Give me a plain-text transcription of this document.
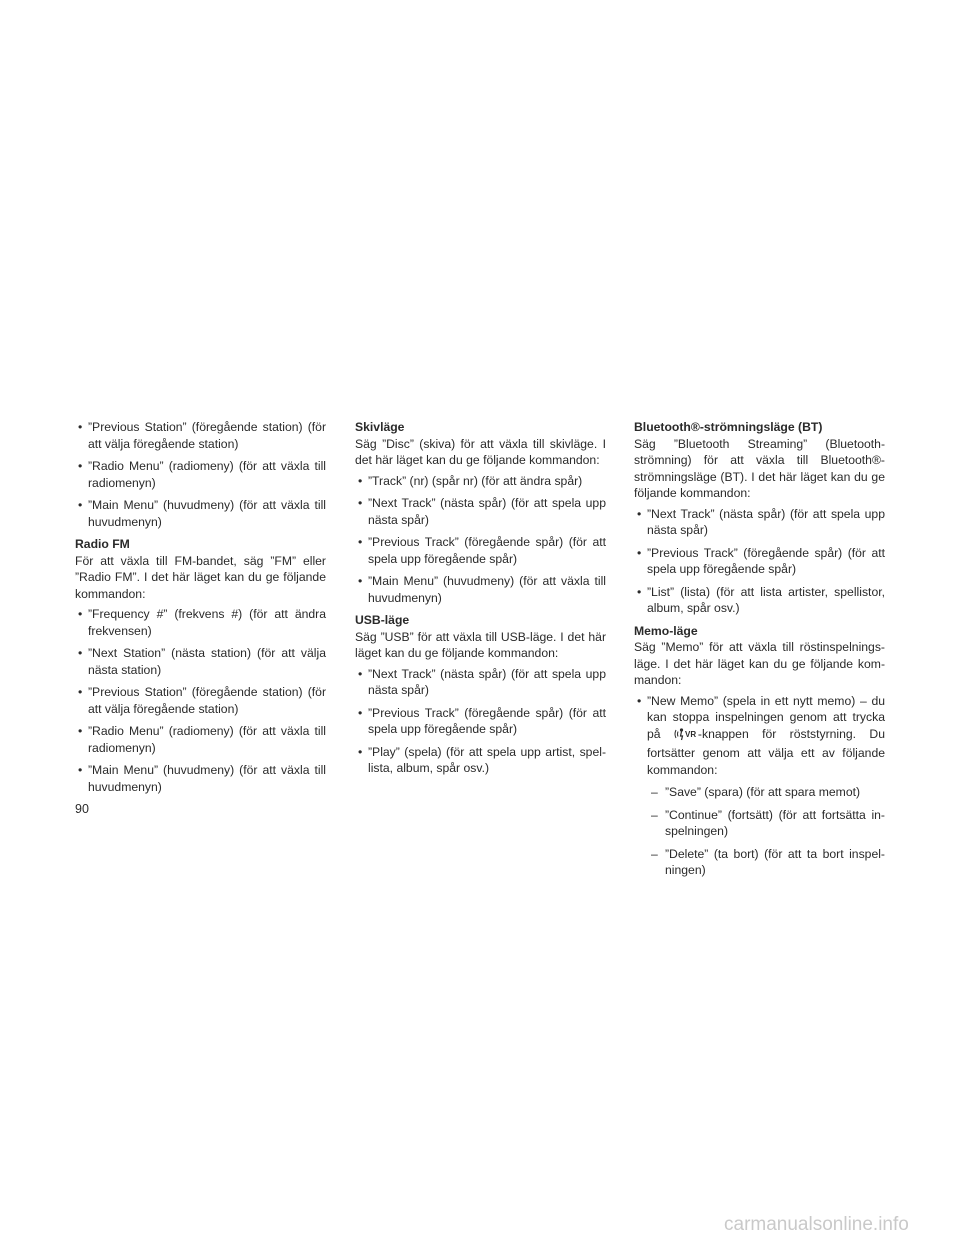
• ”Previous Station” (föregående station) (för att välja föregående station)
• ”Radio Menu” (radiomeny) (för att växla till radiomenyn)
• ”Main Menu” (huvudmeny) (för att växla till huvudmenyn)
Radio FM
För att växla till FM-bandet, säg ”FM” eller ”Radio FM”. I det här läget kan du ge följande kommandon:
• ”Frequency #” (frekvens #) (för att ändra frekvensen)
• ”Next Station” (nästa station) (för att välja nästa station)
• ”Previous Station” (föregående station) (för att välja föregående station)
• ”Radio Menu” (radiomeny) (för att växla till radiomenyn)
• ”Main Menu” (huvudmeny) (för att växla till huvudmenyn)
Skivläge
Säg ”Disc” (skiva) för att växla till skivläge. I det här läget kan du ge följande kommandon:
• ”Track” (nr) (spår nr) (för att ändra spår)
• ”Next Track” (nästa spår) (för att spela upp nästa spår)
• ”Previous Track” (föregående spår) (för att spela upp föregående spår)
• ”Main Menu” (huvudmeny) (för att växla till huvudmenyn)
USB-läge
Säg ”USB” för att växla till USB-läge. I det här läget kan du ge följande kommandon:
• ”Next Track” (nästa spår) (för att spela upp nästa spår)
• ”Previous Track” (föregående spår) (för att spela upp föregående spår)
• ”Play” (spela) (för att spela upp artist, spel-lista, album, spår osv.)
Bluetooth®-strömningsläge (BT)
Säg ”Bluetooth Streaming” (Bluetooth-strömning) för att växla till Bluetooth®-strömningsläge (BT). I det här läget kan du ge följande kommandon:
• ”Next Track” (nästa spår) (för att spela upp nästa spår)
• ”Previous Track” (föregående spår) (för att spela upp föregående spår)
• ”List” (lista) (för att lista artister, spellistor, album, spår osv.)
Memo-läge
Säg ”Memo” för att växla till röstinspelnings-läge. I det här läget kan du ge följande kom-mandon:
• ”New Memo” (spela in ett nytt memo) – du kan stoppa inspelningen genom att trycka på VR -knappen för röststyrning. Du fortsätter genom att välja ett av följande kommandon:
– ”Save” (spara) (för att spara memot)
– ”Continue” (fortsätt) (för att fortsätta in-spelningen)
– ”Delete” (ta bort) (för att ta bort inspel-ningen)
90
carmanualsonline.info
